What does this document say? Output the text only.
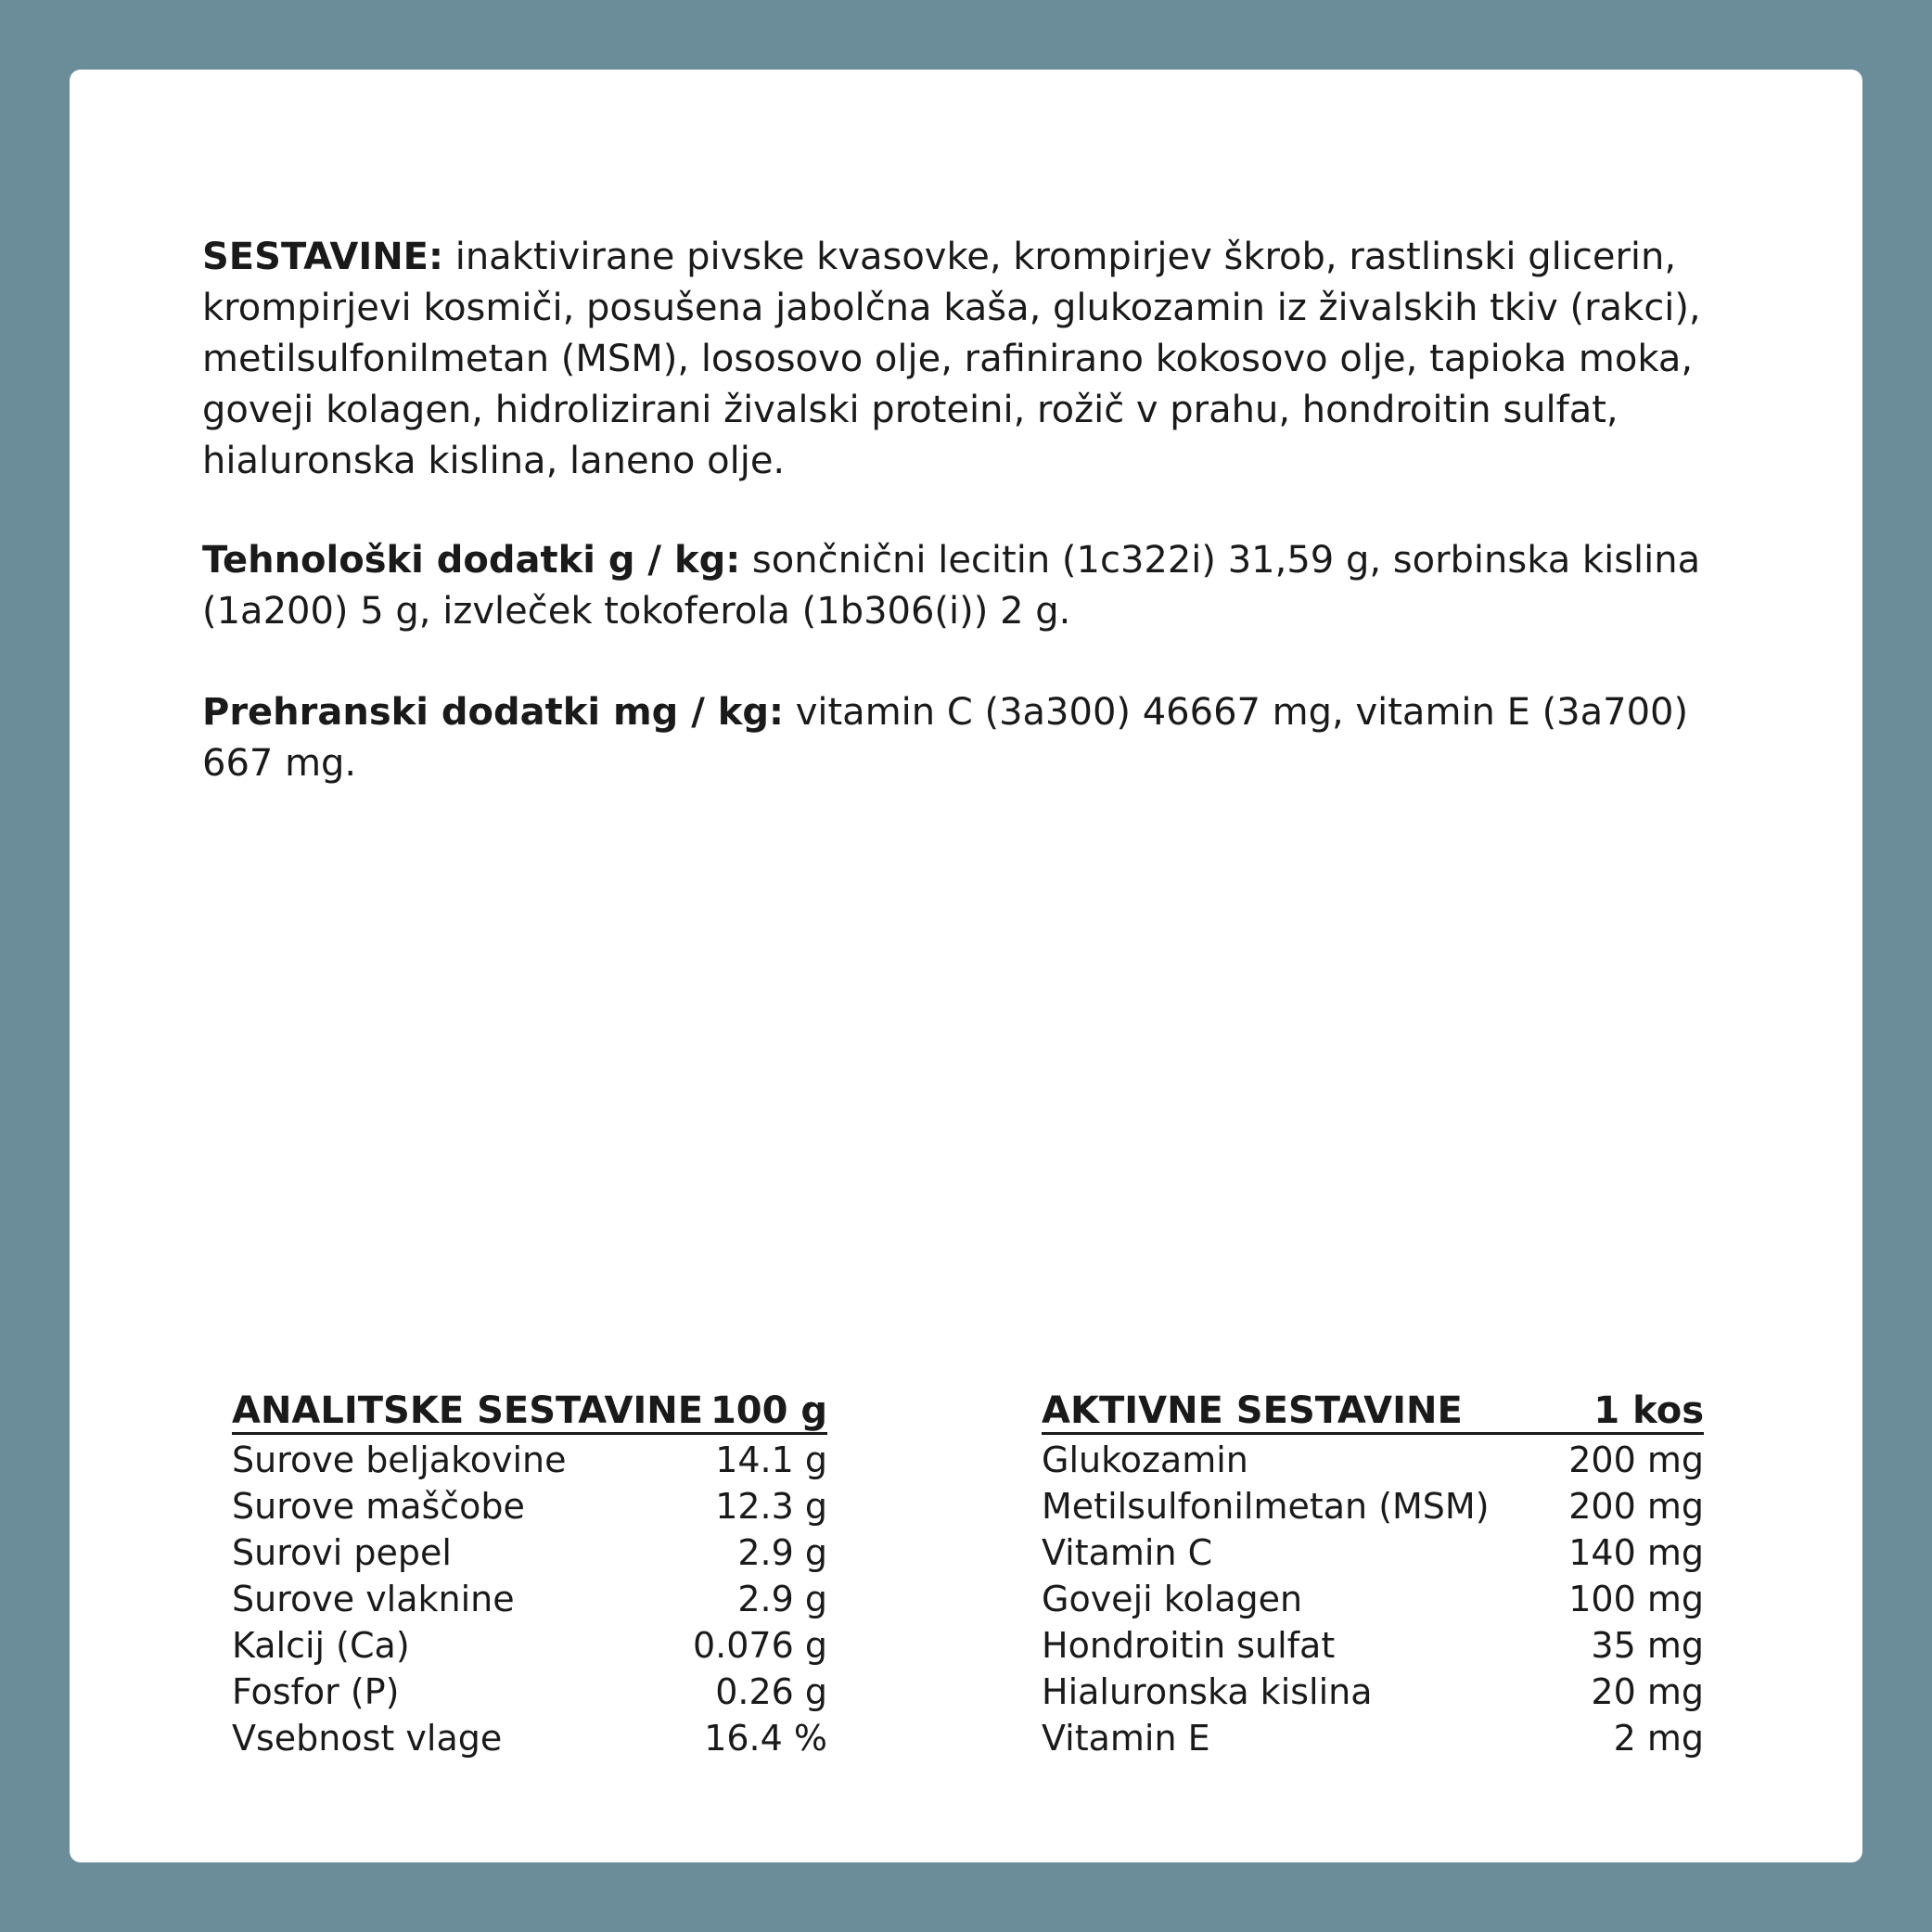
SESTAVINE: inaktivirane pivske kvasovke, krompirjev škrob, rastlinski glicerin, krompirjevi kosmiči, posušena jabolčna kaša, glukozamin iz živalskih tkiv (rakci), metilsulfonilmetan (MSM), lososovo olje, rafinirano kokosovo olje, tapioka moka, goveji kolagen, hidrolizirani živalski proteini, rožič v prahu, hondroitin sulfat, hialuronska kislina, laneno olje.
Tehnološki dodatki g / kg: sončnični lecitin (1c322i) 31,59 g, sorbinska kislina (1a200) 5 g, izvleček tokoferola (1b306(i)) 2 g.
Prehranski dodatki mg / kg: vitamin C (3a300) 46667 mg, vitamin E (3a700) 667 mg.
ANALITSKE SESTAVINE 100 g
Surove beljakovine	14.1 g
Surove maščobe	12.3 g
Surovi pepel	2.9 g
Surove vlaknine	2.9 g
Kalcij (Ca)	0.076 g
Fosfor (P)	0.26 g
Vsebnost vlage	16.4 %
AKTIVNE SESTAVINE	1 kos
Glukozamin	200 mg
Metilsulfonilmetan (MSM) 200 mg
Vitamin C	140 mg
Goveji kolagen	100 mg
Hondroitin sulfat	35 mg
Hialuronska kislina	20 mg
Vitamin E	2 mg
